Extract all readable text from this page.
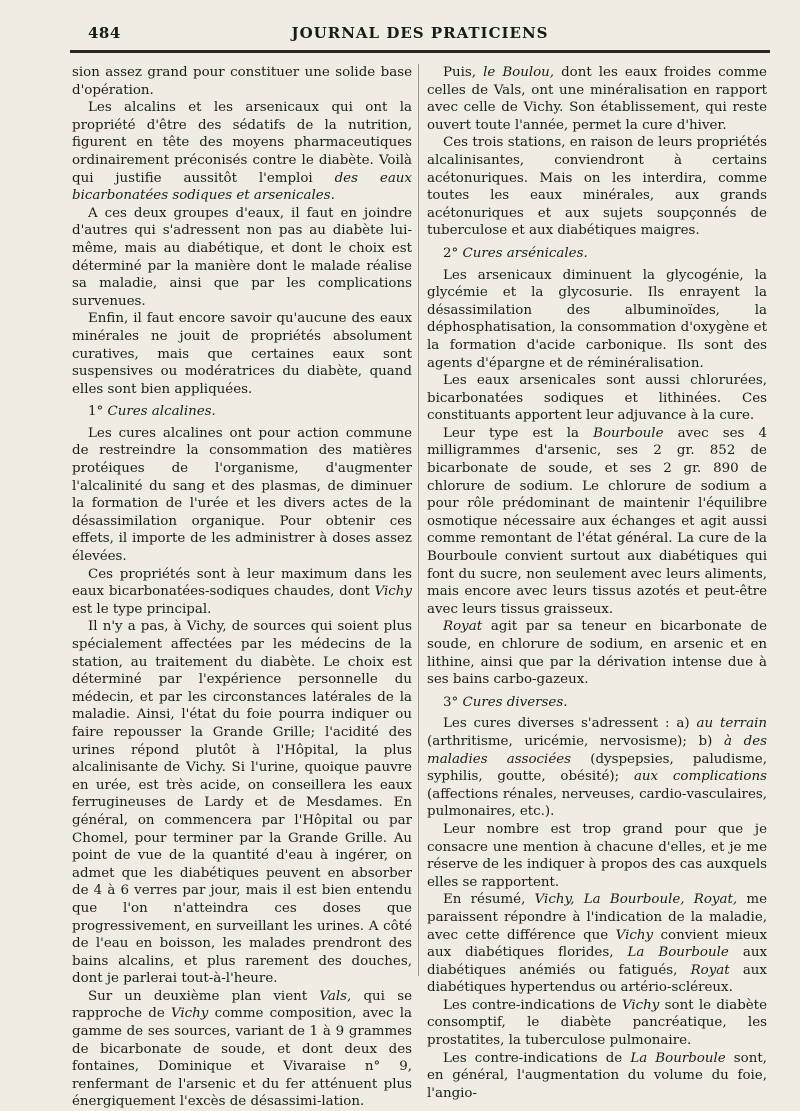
484	JOURNAL DES PRATICIENS

sion assez grand pour constituer une solide base d'opération.

Les alcalins et les arsenicaux qui ont la propriété d'être des sédatifs de la nutrition, figurent en tête des moyens pharmaceutiques ordinairement préconisés contre le diabète. Voilà qui justifie aussitôt l'emploi des eaux bicarbonatées sodiques et arsenicales.

A ces deux groupes d'eaux, il faut en joindre d'autres qui s'adressent non pas au diabète lui-même, mais au diabétique, et dont le choix est déterminé par la manière dont le malade réalise sa maladie, ainsi que par les complications survenues.

Enfin, il faut encore savoir qu'aucune des eaux minérales ne jouit de propriétés absolument curatives, mais que certaines eaux sont suspensives ou modératrices du diabète, quand elles sont bien appliquées.

1° Cures alcalines.

Les cures alcalines ont pour action commune de restreindre la consommation des matières protéiques de l'organisme, d'augmenter l'alcalinité du sang et des plasmas, de diminuer la formation de l'urée et les divers actes de la désassimilation organique. Pour obtenir ces effets, il importe de les administrer à doses assez élevées.

Ces propriétés sont à leur maximum dans les eaux bicarbonatées-sodiques chaudes, dont Vichy est le type principal.

Il n'y a pas, à Vichy, de sources qui soient plus spécialement affectées par les médecins de la station, au traitement du diabète. Le choix est déterminé par l'expérience personnelle du médecin, et par les circonstances latérales de la maladie. Ainsi, l'état du foie pourra indiquer ou faire repousser la Grande Grille; l'acidité des urines répond plutôt à l'Hôpital, la plus alcalinisante de Vichy. Si l'urine, quoique pauvre en urée, est très acide, on conseillera les eaux ferrugineuses de Lardy et de Mesdames. En général, on commencera par l'Hôpital ou par Chomel, pour terminer par la Grande Grille. Au point de vue de la quantité d'eau à ingérer, on admet que les diabétiques peuvent en absorber de 4 à 6 verres par jour, mais il est bien entendu que l'on n'atteindra ces doses que progressivement, en surveillant les urines. A côté de l'eau en boisson, les malades prendront des bains alcalins, et plus rarement des douches, dont je parlerai tout-à-l'heure.

Sur un deuxième plan vient Vals, qui se rapproche de Vichy comme composition, avec la gamme de ses sources, variant de 1 à 9 grammes de bicarbonate de soude, et dont deux des fontaines, Dominique et Vivaraise n° 9, renfermant de l'arsenic et du fer atténuent plus énergiquement l'excès de désassimi-lation.

Puis, le Boulou, dont les eaux froides comme celles de Vals, ont une minéralisation en rapport avec celle de Vichy. Son établissement, qui reste ouvert toute l'année, permet la cure d'hiver.

Ces trois stations, en raison de leurs propriétés alcalinisantes, conviendront à certains acétonuriques. Mais on les interdira, comme toutes les eaux minérales, aux grands acétonuriques et aux sujets soupçonnés de tuberculose et aux diabétiques maigres.

2° Cures arsénicales.

Les arsenicaux diminuent la glycogénie, la glycémie et la glycosurie. Ils enrayent la désassimilation des albuminoïdes, la déphosphatisation, la consommation d'oxygène et la formation d'acide carbonique. Ils sont des agents d'épargne et de réminéralisation.

Les eaux arsenicales sont aussi chlorurées, bicarbonatées sodiques et lithinées. Ces constituants apportent leur adjuvance à la cure.

Leur type est la Bourboule avec ses 4 milligrammes d'arsenic, ses 2 gr. 852 de bicarbonate de soude, et ses 2 gr. 890 de chlorure de sodium. Le chlorure de sodium a pour rôle prédominant de maintenir l'équilibre osmotique nécessaire aux échanges et agit aussi comme remontant de l'état général. La cure de la Bourboule convient surtout aux diabétiques qui font du sucre, non seulement avec leurs aliments, mais encore avec leurs tissus azotés et peut-être avec leurs tissus graisseux.

Royat agit par sa teneur en bicarbonate de soude, en chlorure de sodium, en arsenic et en lithine, ainsi que par la dérivation intense due à ses bains carbo-gazeux.

3° Cures diverses.

Les cures diverses s'adressent : a) au terrain (arthritisme, uricémie, nervosisme); b) à des maladies associées (dyspepsies, paludisme, syphilis, goutte, obésité); aux complications (affections rénales, nerveuses, cardio-vasculaires, pulmonaires, etc.).

Leur nombre est trop grand pour que je consacre une mention à chacune d'elles, et je me réserve de les indiquer à propos des cas auxquels elles se rapportent.

En résumé, Vichy, La Bourboule, Royat, me paraissent répondre à l'indication de la maladie, avec cette différence que Vichy convient mieux aux diabétiques florides, La Bourboule aux diabétiques anémiés ou fatigués, Royat aux diabétiques hypertendus ou artério-scléreux.

Les contre-indications de Vichy sont le diabète consomptif, le diabète pancréatique, les prostatites, la tuberculose pulmonaire.

Les contre-indications de La Bourboule sont, en général, l'augmentation du volume du foie, l'angio-
